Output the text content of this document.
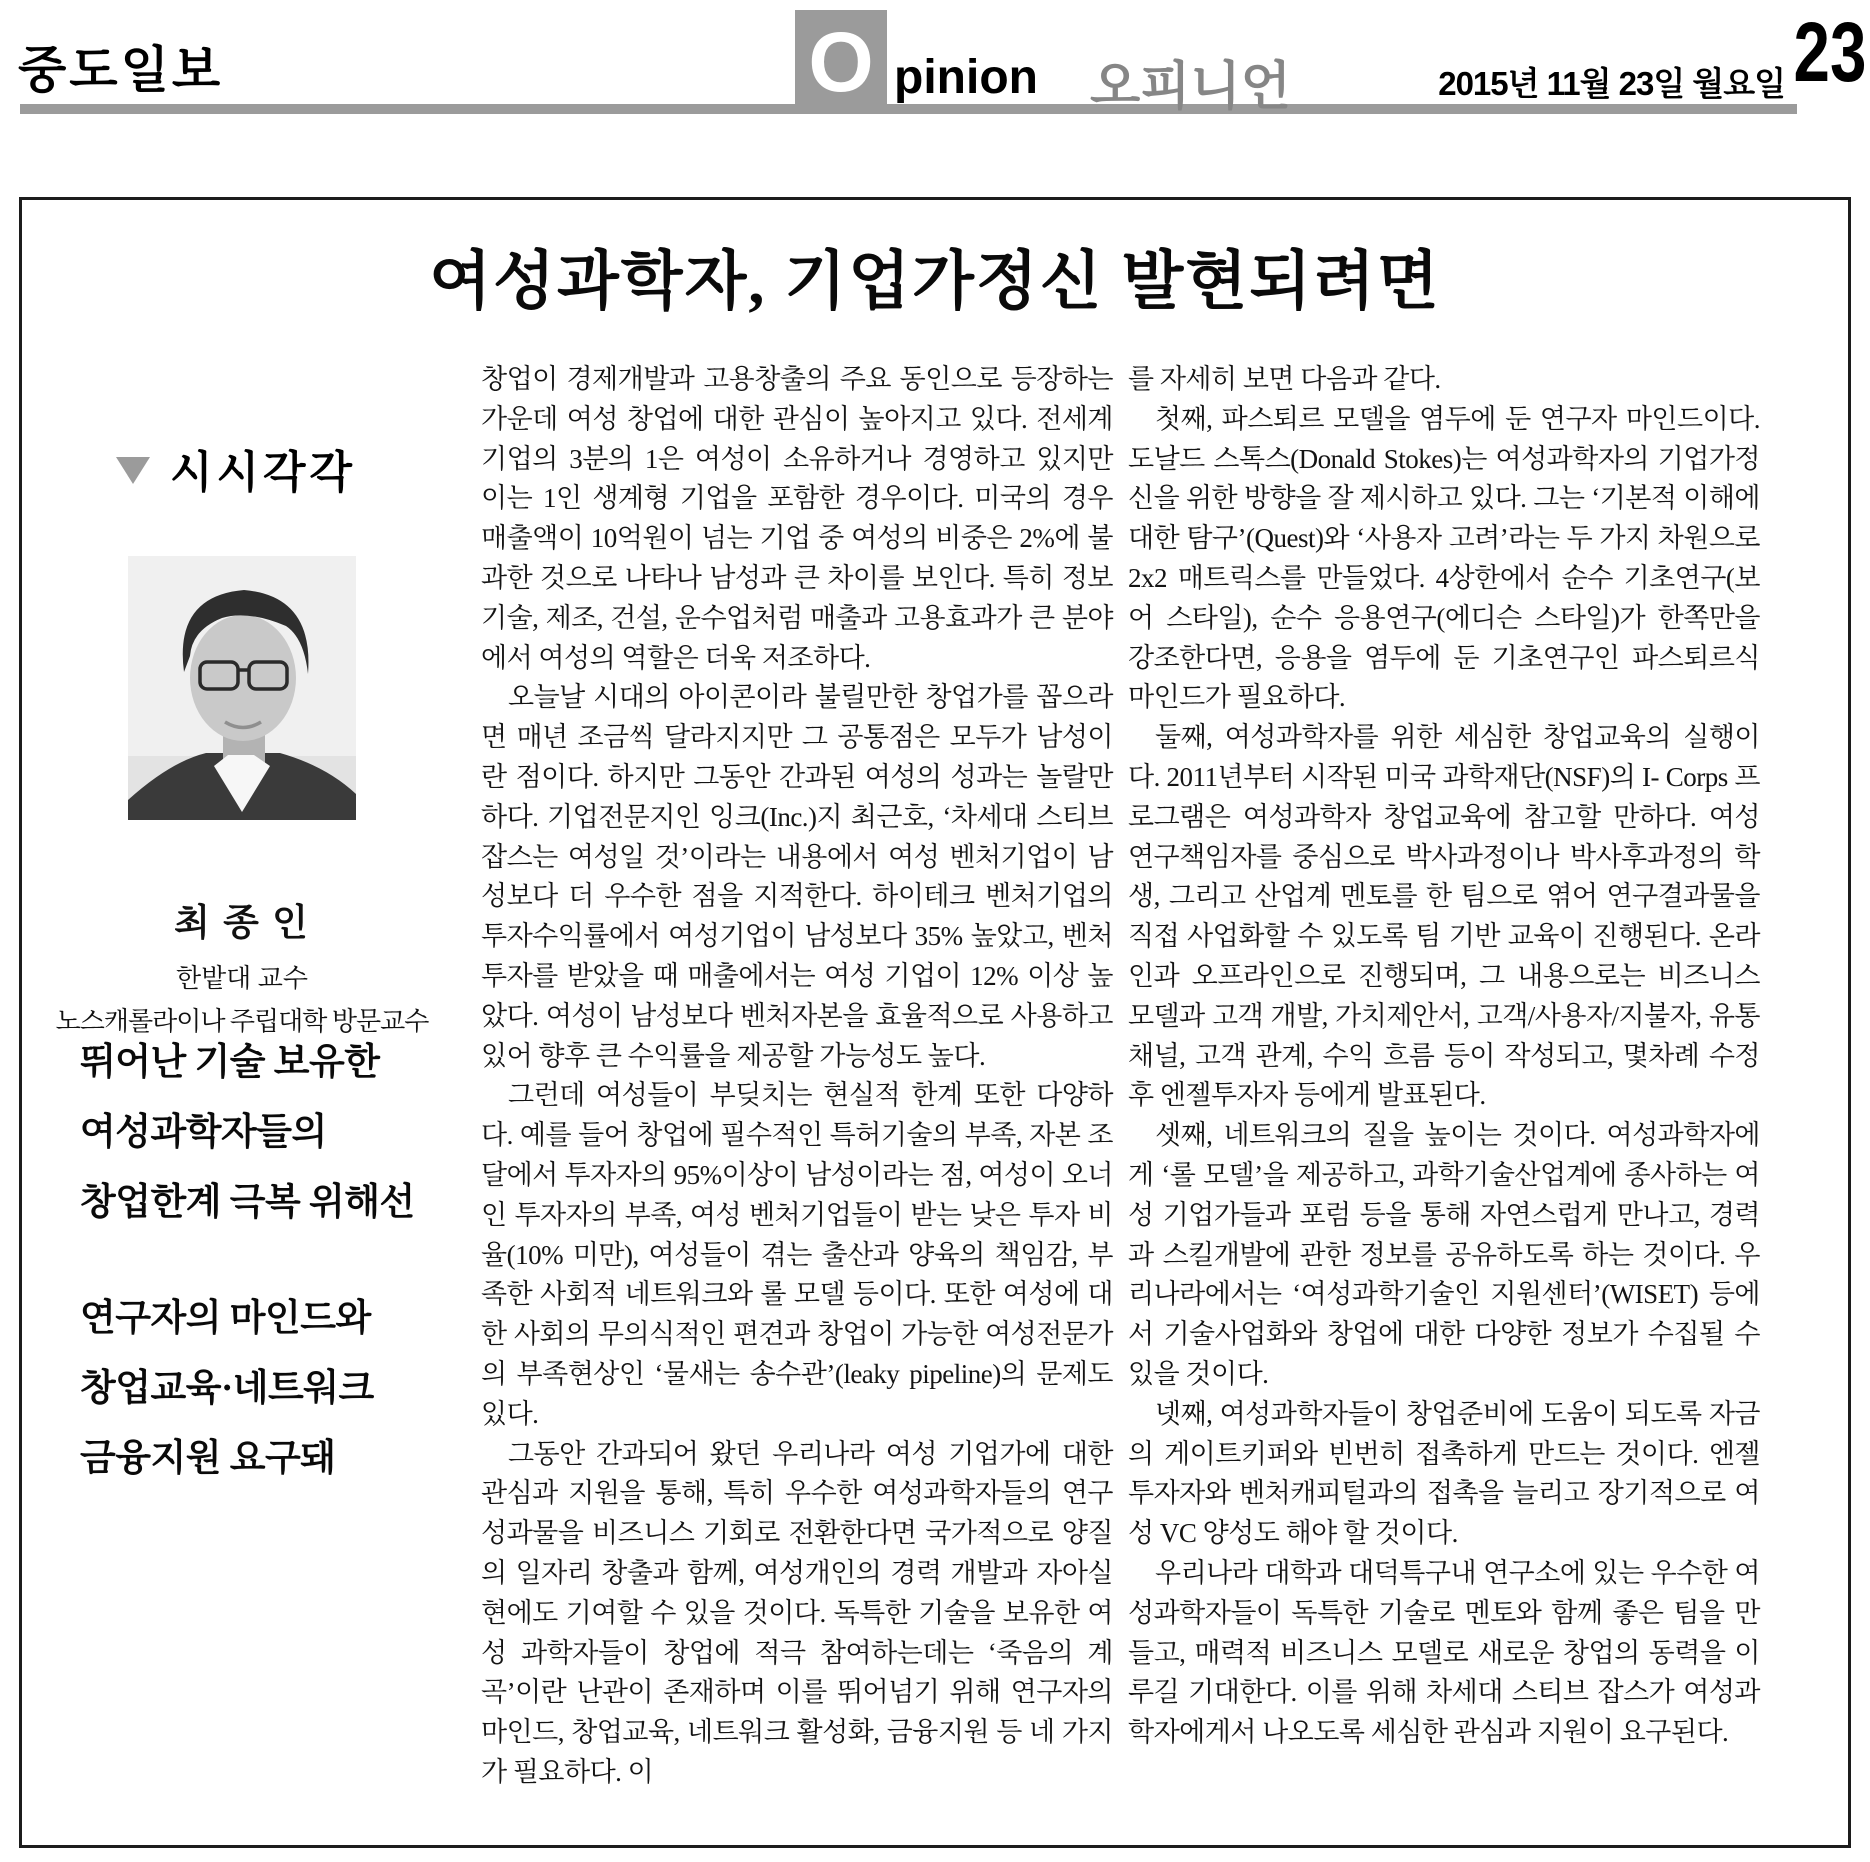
중도일보	O pinion 오피니언	2015년 11월 23일 월요일 23
여성과학자, 기업가정신 발현되려면
시시각각
최 종 인
한밭대 교수
노스캐롤라이나 주립대학 방문교수
뛰어난 기술 보유한
여성과학자들의
창업한계 극복 위해선
연구자의 마인드와
창업교육·네트워크
금융지원 요구돼

창업이 경제개발과 고용창출의 주요 동인으로 등장하는 가운데 여성 창업에 대한 관심이 높아지고 있다. 전세계 기업의 3분의 1은 여성이 소유하거나 경영하고 있지만 이는 1인 생계형 기업을 포함한 경우이다. 미국의 경우 매출액이 10억원이 넘는 기업 중 여성의 비중은 2%에 불과한 것으로 나타나 남성과 큰 차이를 보인다. 특히 정보기술, 제조, 건설, 운수업처럼 매출과 고용효과가 큰 분야에서 여성의 역할은 더욱 저조하다.

오늘날 시대의 아이콘이라 불릴만한 창업가를 꼽으라면 매년 조금씩 달라지지만 그 공통점은 모두가 남성이란 점이다. 하지만 그동안 간과된 여성의 성과는 놀랄만하다. 기업전문지인 잉크(Inc.)지 최근호, ‘차세대 스티브 잡스는 여성일 것’이라는 내용에서 여성 벤처기업이 남성보다 더 우수한 점을 지적한다. 하이테크 벤처기업의 투자수익률에서 여성기업이 남성보다 35% 높았고, 벤처투자를 받았을 때 매출에서는 여성 기업이 12% 이상 높았다. 여성이 남성보다 벤처자본을 효율적으로 사용하고 있어 향후 큰 수익률을 제공할 가능성도 높다.

그런데 여성들이 부딪치는 현실적 한계 또한 다양하다. 예를 들어 창업에 필수적인 특허기술의 부족, 자본 조달에서 투자자의 95%이상이 남성이라는 점, 여성이 오너인 투자자의 부족, 여성 벤처기업들이 받는 낮은 투자 비율(10% 미만), 여성들이 겪는 출산과 양육의 책임감, 부족한 사회적 네트워크와 롤 모델 등이다. 또한 여성에 대한 사회의 무의식적인 편견과 창업이 가능한 여성전문가의 부족현상인 ‘물새는 송수관’(leaky pipeline)의 문제도 있다.

그동안 간과되어 왔던 우리나라 여성 기업가에 대한 관심과 지원을 통해, 특히 우수한 여성과학자들의 연구 성과물을 비즈니스 기회로 전환한다면 국가적으로 양질의 일자리 창출과 함께, 여성개인의 경력 개발과 자아실현에도 기여할 수 있을 것이다. 독특한 기술을 보유한 여성 과학자들이 창업에 적극 참여하는데는 ‘죽음의 계곡’이란 난관이 존재하며 이를 뛰어넘기 위해 연구자의 마인드, 창업교육, 네트워크 활성화, 금융지원 등 네 가지가 필요하다. 이

를 자세히 보면 다음과 같다.

첫째, 파스퇴르 모델을 염두에 둔 연구자 마인드이다. 도날드 스톡스(Donald Stokes)는 여성과학자의 기업가정신을 위한 방향을 잘 제시하고 있다. 그는 ‘기본적 이해에 대한 탐구’(Quest)와 ‘사용자 고려’라는 두 가지 차원으로 2x2 매트릭스를 만들었다. 4상한에서 순수 기초연구(보어 스타일), 순수 응용연구(에디슨 스타일)가 한쪽만을 강조한다면, 응용을 염두에 둔 기초연구인 파스퇴르식 마인드가 필요하다.

둘째, 여성과학자를 위한 세심한 창업교육의 실행이다. 2011년부터 시작된 미국 과학재단(NSF)의 I- Corps 프로그램은 여성과학자 창업교육에 참고할 만하다. 여성 연구책임자를 중심으로 박사과정이나 박사후과정의 학생, 그리고 산업계 멘토를 한 팀으로 엮어 연구결과물을 직접 사업화할 수 있도록 팀 기반 교육이 진행된다. 온라인과 오프라인으로 진행되며, 그 내용으로는 비즈니스 모델과 고객 개발, 가치제안서, 고객/사용자/지불자, 유통 채널, 고객 관계, 수익 흐름 등이 작성되고, 몇차례 수정 후 엔젤투자자 등에게 발표된다.

셋째, 네트워크의 질을 높이는 것이다. 여성과학자에게 ‘롤 모델’을 제공하고, 과학기술산업계에 종사하는 여성 기업가들과 포럼 등을 통해 자연스럽게 만나고, 경력과 스킬개발에 관한 정보를 공유하도록 하는 것이다. 우리나라에서는 ‘여성과학기술인 지원센터’(WISET) 등에서 기술사업화와 창업에 대한 다양한 정보가 수집될 수 있을 것이다.

넷째, 여성과학자들이 창업준비에 도움이 되도록 자금의 게이트키퍼와 빈번히 접촉하게 만드는 것이다. 엔젤투자자와 벤처캐피털과의 접촉을 늘리고 장기적으로 여성 VC 양성도 해야 할 것이다.

우리나라 대학과 대덕특구내 연구소에 있는 우수한 여성과학자들이 독특한 기술로 멘토와 함께 좋은 팀을 만들고, 매력적 비즈니스 모델로 새로운 창업의 동력을 이루길 기대한다. 이를 위해 차세대 스티브 잡스가 여성과학자에게서 나오도록 세심한 관심과 지원이 요구된다.
